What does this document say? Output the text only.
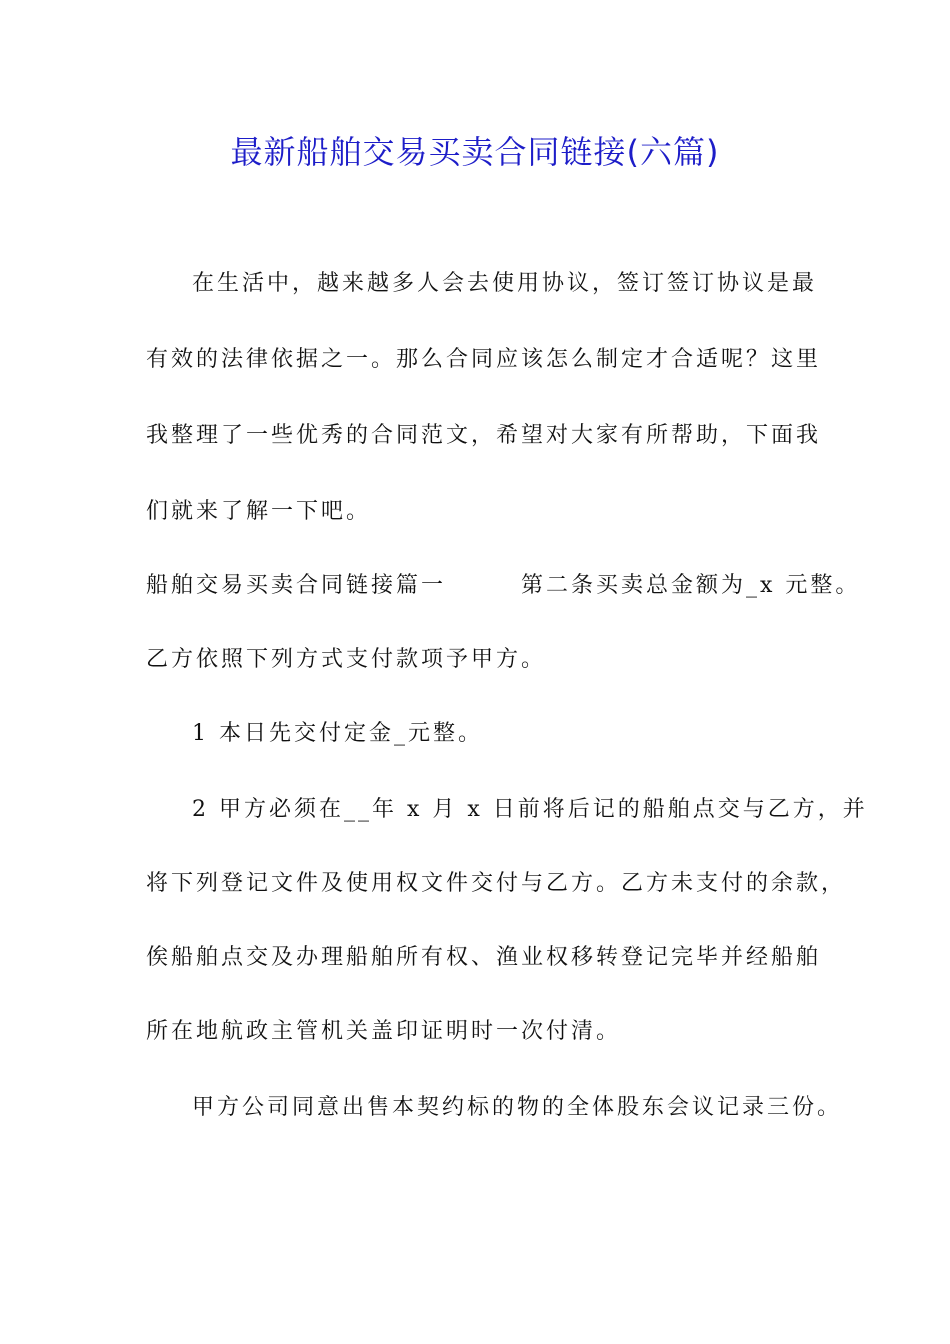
最新船舶交易买卖合同链接(六篇)
在生活中，越来越多人会去使用协议，签订签订协议是最
有效的法律依据之一。那么合同应该怎么制定才合适呢？这里
我整理了一些优秀的合同范文，希望对大家有所帮助，下面我
们就来了解一下吧。
船舶交易买卖合同链接篇一　　　第二条买卖总金额为_x 元整。
乙方依照下列方式支付款项予甲方。
1 本日先交付定金_元整。
2 甲方必须在__年 x 月 x 日前将后记的船舶点交与乙方，并
将下列登记文件及使用权文件交付与乙方。乙方未支付的余款，
俟船舶点交及办理船舶所有权、渔业权移转登记完毕并经船舶
所在地航政主管机关盖印证明时一次付清。
甲方公司同意出售本契约标的物的全体股东会议记录三份。
